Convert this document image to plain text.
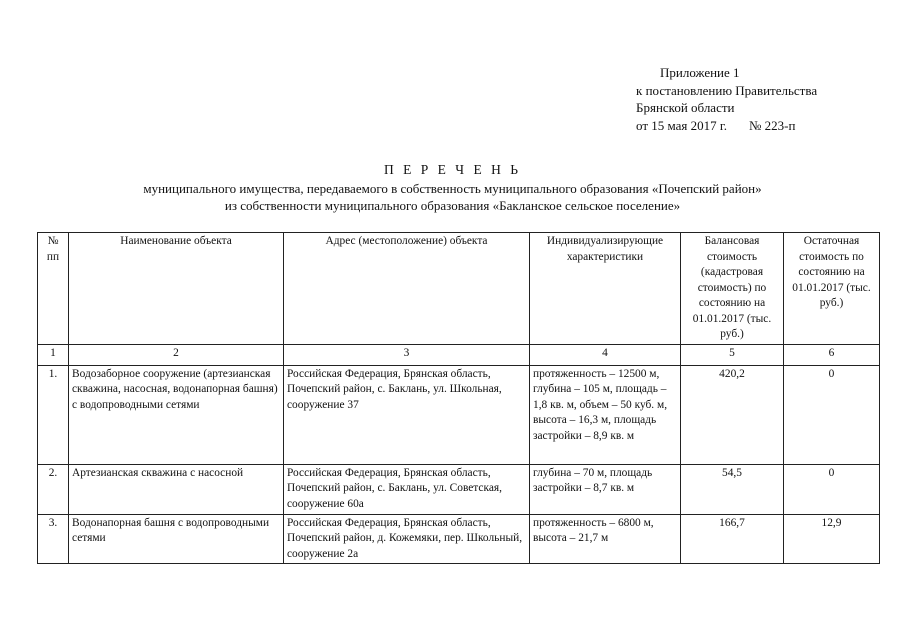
Приложение 1
к постановлению Правительства
Брянской области
от 15 мая 2017 г. № 223-п
П Е Р Е Ч Е Н Ь
муниципального имущества, передаваемого в собственность муниципального образования «Почепский район»
из собственности муниципального образования «Бакланское сельское поселение»
№ пп	Наименование объекта	Адрес (местоположение) объекта	Индивидуализирующие характеристики	Балансовая стоимость (кадастровая стоимость) по состоянию на 01.01.2017 (тыс. руб.)	Остаточная стоимость по состоянию на 01.01.2017 (тыс. руб.)
1	2	3	4	5	6
1.	Водозаборное сооружение (артезианская скважина, насосная, водонапорная башня) с водопроводными сетями	Российская Федерация, Брянская область, Почепский район, с. Баклань, ул. Школьная, сооружение 37	протяженность – 12500 м, глубина – 105 м, площадь – 1,8 кв. м, объем – 50 куб. м, высота – 16,3 м, площадь застройки – 8,9 кв. м	420,2	0
2.	Артезианская скважина с насосной	Российская Федерация, Брянская область, Почепский район, с. Баклань, ул. Советская, сооружение 60а	глубина – 70 м, площадь застройки – 8,7 кв. м	54,5	0
3.	Водонапорная башня с водопроводными сетями	Российская Федерация, Брянская область, Почепский район, д. Кожемяки, пер. Школьный, сооружение 2а	протяженность – 6800 м, высота – 21,7 м	166,7	12,9
